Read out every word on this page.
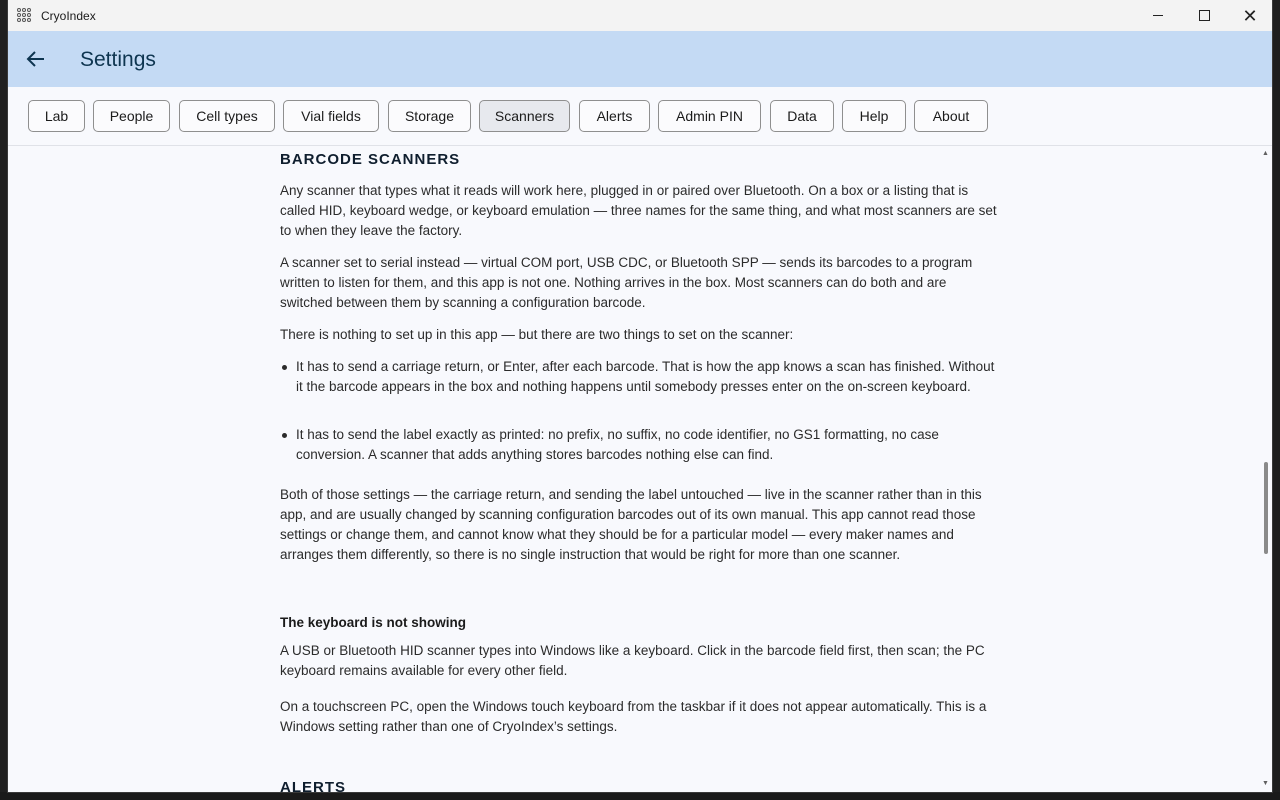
CryoIndex	✕
Settings
Lab	People	Cell types	Vial fields	Storage	Scanners	Alerts	Admin PIN	Data	Help	About
BARCODE SCANNERS
Any scanner that types what it reads will work here, plugged in or paired over Bluetooth. On a box or a listing that is called HID, keyboard wedge, or keyboard emulation — three names for the same thing, and what most scanners are set to when they leave the factory.
A scanner set to serial instead — virtual COM port, USB CDC, or Bluetooth SPP — sends its barcodes to a program written to listen for them, and this app is not one. Nothing arrives in the box. Most scanners can do both and are switched between them by scanning a configuration barcode.
There is nothing to set up in this app — but there are two things to set on the scanner:
It has to send a carriage return, or Enter, after each barcode. That is how the app knows a scan has finished. Without it the barcode appears in the box and nothing happens until somebody presses enter on the on-screen keyboard.
It has to send the label exactly as printed: no prefix, no suffix, no code identifier, no GS1 formatting, no case conversion. A scanner that adds anything stores barcodes nothing else can find.
Both of those settings — the carriage return, and sending the label untouched — live in the scanner rather than in this app, and are usually changed by scanning configuration barcodes out of its own manual. This app cannot read those settings or change them, and cannot know what they should be for a particular model — every maker names and arranges them differently, so there is no single instruction that would be right for more than one scanner.
The keyboard is not showing
A USB or Bluetooth HID scanner types into Windows like a keyboard. Click in the barcode field first, then scan; the PC keyboard remains available for every other field.
On a touchscreen PC, open the Windows touch keyboard from the taskbar if it does not appear automatically. This is a Windows setting rather than one of CryoIndex’s settings.
ALERTS
▲
▼
